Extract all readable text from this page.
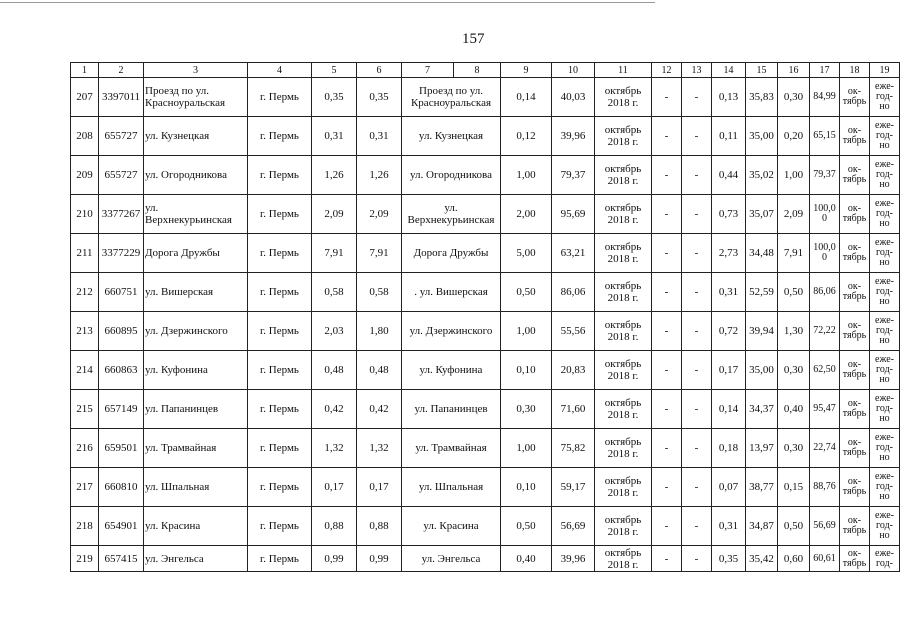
157
1	2	3	4	5	6	7	8	9	10	11	12	13	14	15	16	17	18	19
207	3397011	Проезд по ул. Красноуральская	г. Пермь	0,35	0,35	Проезд по ул. Красноуральская		0,14	40,03	октябрь 2018 г.	-	-	0,13	35,83	0,30	84,99	ок- тябрь	еже- год- но
208	655727	ул. Кузнецкая	г. Пермь	0,31	0,31	ул. Кузнецкая		0,12	39,96	октябрь 2018 г.	-	-	0,11	35,00	0,20	65,15	ок- тябрь	еже- год- но
209	655727	ул. Огородникова	г. Пермь	1,26	1,26	ул. Огородникова		1,00	79,37	октябрь 2018 г.	-	-	0,44	35,02	1,00	79,37	ок- тябрь	еже- год- но
210	3377267	ул. Верхнекурьинская	г. Пермь	2,09	2,09	ул. Верхнекурьинская		2,00	95,69	октябрь 2018 г.	-	-	0,73	35,07	2,09	100,0 0	ок- тябрь	еже- год- но
211	3377229	Дорога Дружбы	г. Пермь	7,91	7,91	Дорога Дружбы		5,00	63,21	октябрь 2018 г.	-	-	2,73	34,48	7,91	100,0 0	ок- тябрь	еже- год- но
212	660751	ул. Вишерская	г. Пермь	0,58	0,58	. ул. Вишерская		0,50	86,06	октябрь 2018 г.	-	-	0,31	52,59	0,50	86,06	ок- тябрь	еже- год- но
213	660895	ул. Дзержинского	г. Пермь	2,03	1,80	ул. Дзержинского		1,00	55,56	октябрь 2018 г.	-	-	0,72	39,94	1,30	72,22	ок- тябрь	еже- год- но
214	660863	ул. Куфонина	г. Пермь	0,48	0,48	ул. Куфонина		0,10	20,83	октябрь 2018 г.	-	-	0,17	35,00	0,30	62,50	ок- тябрь	еже- год- но
215	657149	ул. Папанинцев	г. Пермь	0,42	0,42	ул. Папанинцев		0,30	71,60	октябрь 2018 г.	-	-	0,14	34,37	0,40	95,47	ок- тябрь	еже- год- но
216	659501	ул. Трамвайная	г. Пермь	1,32	1,32	ул. Трамвайная		1,00	75,82	октябрь 2018 г.	-	-	0,18	13,97	0,30	22,74	ок- тябрь	еже- год- но
217	660810	ул. Шпальная	г. Пермь	0,17	0,17	ул. Шпальная		0,10	59,17	октябрь 2018 г.	-	-	0,07	38,77	0,15	88,76	ок- тябрь	еже- год- но
218	654901	ул. Красина	г. Пермь	0,88	0,88	ул. Красина		0,50	56,69	октябрь 2018 г.	-	-	0,31	34,87	0,50	56,69	ок- тябрь	еже- год- но
219	657415	ул. Энгельса	г. Пермь	0,99	0,99	ул. Энгельса		0,40	39,96	октябрь 2018 г.	-	-	0,35	35,42	0,60	60,61	ок- тябрь	еже- год-
